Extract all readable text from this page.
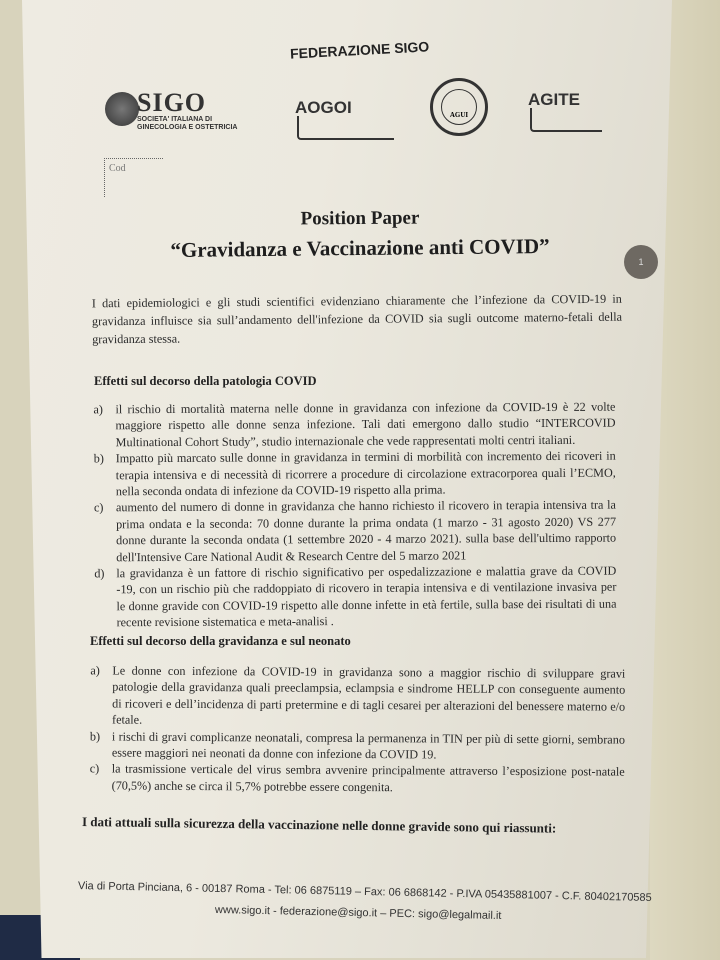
FEDERAZIONE SIGO
SIGO
SOCIETA' ITALIANA DI GINECOLOGIA E OSTETRICIA
Cod
AOGOI	AGUI
AGITE
Position Paper
“Gravidanza e Vaccinazione anti COVID”
1
I dati epidemiologici e gli studi scientifici evidenziano chiaramente che l’infezione da COVID-19 in gravidanza influisce sia sull’andamento dell'infezione da COVID sia sugli outcome materno-fetali della gravidanza stessa.
Effetti sul decorso della patologia COVID
a) il rischio di mortalità materna nelle donne in gravidanza con infezione da COVID-19 è 22 volte maggiore rispetto alle donne senza infezione. Tali dati emergono dallo studio “INTERCOVID Multinational Cohort Study”, studio internazionale che vede rappresentati molti centri italiani.
b) Impatto più marcato sulle donne in gravidanza in termini di morbilità con incremento dei ricoveri in terapia intensiva e di necessità di ricorrere a procedure di circolazione extracorporea quali l’ECMO, nella seconda ondata di infezione da COVID-19 rispetto alla prima.
c) aumento del numero di donne in gravidanza che hanno richiesto il ricovero in terapia intensiva tra la prima ondata e la seconda: 70 donne durante la prima ondata (1 marzo - 31 agosto 2020) VS 277 donne durante la seconda ondata (1 settembre 2020 - 4 marzo 2021). sulla base dell'ultimo rapporto dell'Intensive Care National Audit & Research Centre del 5 marzo 2021
d) la gravidanza è un fattore di rischio significativo per ospedalizzazione e malattia grave da COVID -19, con un rischio più che raddoppiato di ricovero in terapia intensiva e di ventilazione invasiva per le donne gravide con COVID-19 rispetto alle donne infette in età fertile, sulla base dei risultati di una recente revisione sistematica e meta-analisi .
Effetti sul decorso della gravidanza e sul neonato
a) Le donne con infezione da COVID-19 in gravidanza sono a maggior rischio di sviluppare gravi patologie della gravidanza quali preeclampsia, eclampsia e sindrome HELLP con conseguente aumento di ricoveri e dell’incidenza di parti pretermine e di tagli cesarei per alterazioni del benessere materno e/o fetale.
b) i rischi di gravi complicanze neonatali, compresa la permanenza in TIN per più di sette giorni, sembrano essere maggiori nei neonati da donne con infezione da COVID 19.
c) la trasmissione verticale del virus sembra avvenire principalmente attraverso l’esposizione post-natale (70,5%) anche se circa il 5,7% potrebbe essere congenita.
I dati attuali sulla sicurezza della vaccinazione nelle donne gravide sono qui riassunti:
Via di Porta Pinciana, 6 - 00187 Roma - Tel: 06 6875119 – Fax: 06 6868142 - P.IVA 05435881007 - C.F. 80402170585
www.sigo.it - federazione@sigo.it – PEC: sigo@legalmail.it
